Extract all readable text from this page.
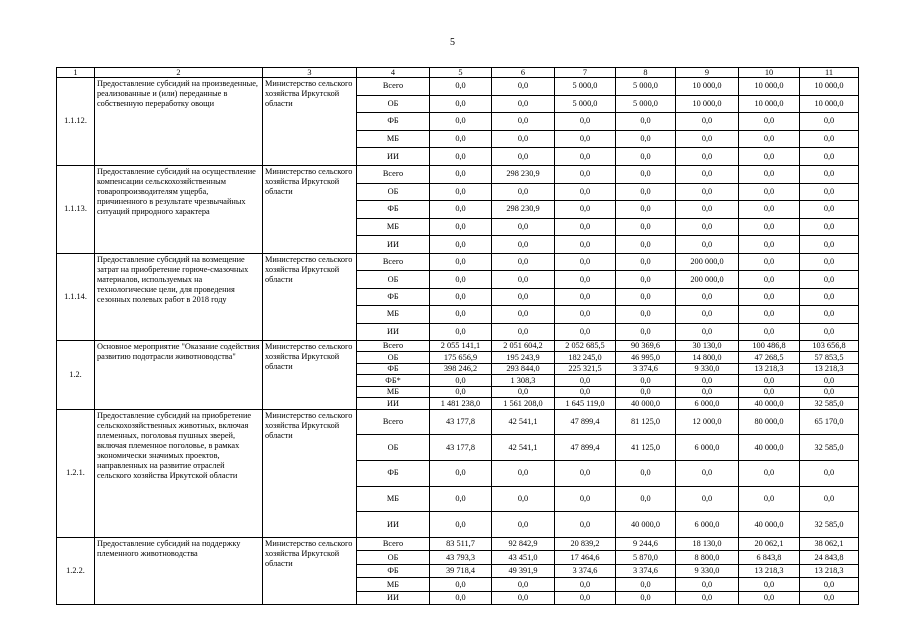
5
1	2	3	4	5	6	7	8	9	10	11
1.1.12.	Предоставление субсидий на произведенные, реализованные и (или) переданные в собственную переработку овощи	Министерство сельского хозяйства Иркутской области	Всего	0,0	0,0	5 000,0	5 000,0	10 000,0	10 000,0	10 000,0
			ОБ	0,0	0,0	5 000,0	5 000,0	10 000,0	10 000,0	10 000,0
			ФБ	0,0	0,0	0,0	0,0	0,0	0,0	0,0
			МБ	0,0	0,0	0,0	0,0	0,0	0,0	0,0
			ИИ	0,0	0,0	0,0	0,0	0,0	0,0	0,0
1.1.13.	Предоставление субсидий на осуществление компенсации сельскохозяйственным товаропроизводителям ущерба, причиненного в результате чрезвычайных ситуаций природного характера	Министерство сельского хозяйства Иркутской области	Всего	0,0	298 230,9	0,0	0,0	0,0	0,0	0,0
			ОБ	0,0	0,0	0,0	0,0	0,0	0,0	0,0
			ФБ	0,0	298 230,9	0,0	0,0	0,0	0,0	0,0
			МБ	0,0	0,0	0,0	0,0	0,0	0,0	0,0
			ИИ	0,0	0,0	0,0	0,0	0,0	0,0	0,0
1.1.14.	Предоставление субсидий на возмещение затрат на приобретение горюче-смазочных материалов, используемых на технологические цели, для проведения сезонных полевых работ в 2018 году	Министерство сельского хозяйства Иркутской области	Всего	0,0	0,0	0,0	0,0	200 000,0	0,0	0,0
			ОБ	0,0	0,0	0,0	0,0	200 000,0	0,0	0,0
			ФБ	0,0	0,0	0,0	0,0	0,0	0,0	0,0
			МБ	0,0	0,0	0,0	0,0	0,0	0,0	0,0
			ИИ	0,0	0,0	0,0	0,0	0,0	0,0	0,0
1.2.	Основное мероприятие "Оказание содействия развитию подотрасли животноводства"	Министерство сельского хозяйства Иркутской области	Всего	2 055 141,1	2 051 604,2	2 052 685,5	90 369,6	30 130,0	100 486,8	103 656,8
			ОБ	175 656,9	195 243,9	182 245,0	46 995,0	14 800,0	47 268,5	57 853,5
			ФБ	398 246,2	293 844,0	225 321,5	3 374,6	9 330,0	13 218,3	13 218,3
			ФБ*	0,0	1 308,3	0,0	0,0	0,0	0,0	0,0
			МБ	0,0	0,0	0,0	0,0	0,0	0,0	0,0
			ИИ	1 481 238,0	1 561 208,0	1 645 119,0	40 000,0	6 000,0	40 000,0	32 585,0
1.2.1.	Предоставление субсидий на приобретение сельскохозяйственных животных, включая племенных, поголовья пушных зверей, включая племенное поголовье, в рамках экономически значимых проектов, направленных на развитие отраслей сельского хозяйства Иркутской области	Министерство сельского хозяйства Иркутской области	Всего	43 177,8	42 541,1	47 899,4	81 125,0	12 000,0	80 000,0	65 170,0
			ОБ	43 177,8	42 541,1	47 899,4	41 125,0	6 000,0	40 000,0	32 585,0
			ФБ	0,0	0,0	0,0	0,0	0,0	0,0	0,0
			МБ	0,0	0,0	0,0	0,0	0,0	0,0	0,0
			ИИ	0,0	0,0	0,0	40 000,0	6 000,0	40 000,0	32 585,0
1.2.2.	Предоставление субсидий на поддержку племенного животноводства	Министерство сельского хозяйства Иркутской области	Всего	83 511,7	92 842,9	20 839,2	9 244,6	18 130,0	20 062,1	38 062,1
			ОБ	43 793,3	43 451,0	17 464,6	5 870,0	8 800,0	6 843,8	24 843,8
			ФБ	39 718,4	49 391,9	3 374,6	3 374,6	9 330,0	13 218,3	13 218,3
			МБ	0,0	0,0	0,0	0,0	0,0	0,0	0,0
			ИИ	0,0	0,0	0,0	0,0	0,0	0,0	0,0
